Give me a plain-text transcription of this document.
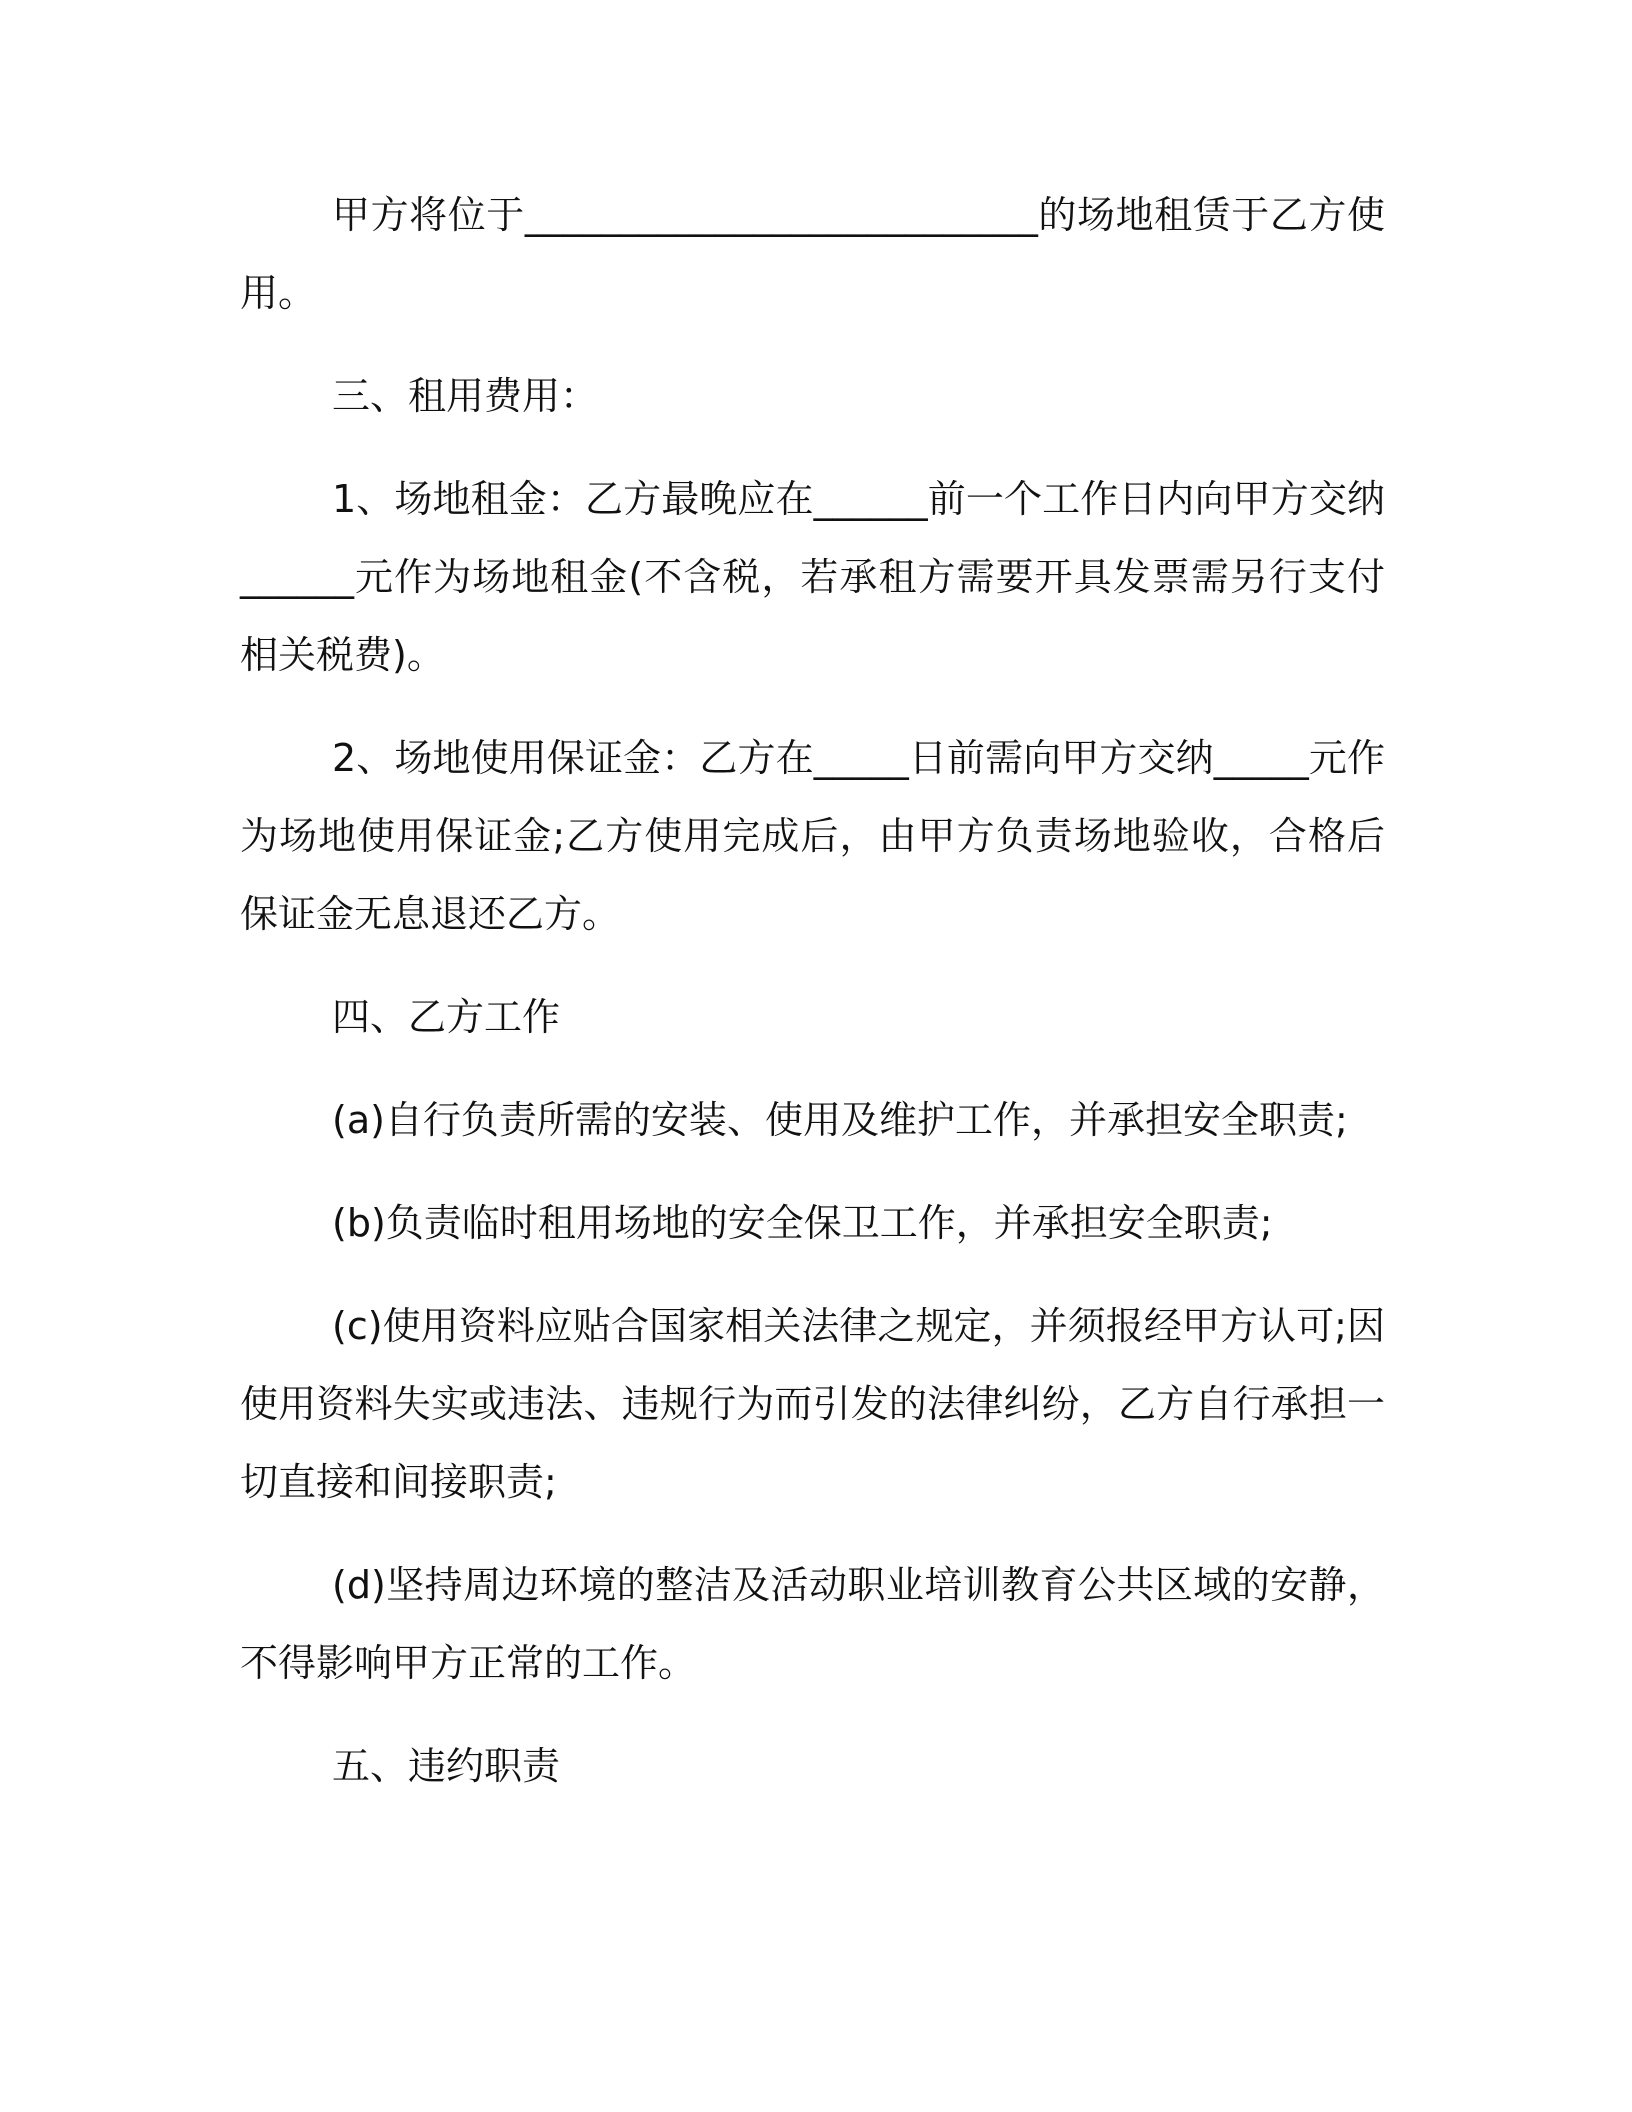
甲方将位于___________________________的场地租赁于乙方使用。

三、租用费用：

1、场地租金：乙方最晚应在______前一个工作日内向甲方交纳______元作为场地租金(不含税，若承租方需要开具发票需另行支付相关税费)。

2、场地使用保证金：乙方在_____日前需向甲方交纳_____元作为场地使用保证金;乙方使用完成后，由甲方负责场地验收，合格后保证金无息退还乙方。

四、乙方工作

(a)自行负责所需的安装、使用及维护工作，并承担安全职责;

(b)负责临时租用场地的安全保卫工作，并承担安全职责;

(c)使用资料应贴合国家相关法律之规定，并须报经甲方认可;因使用资料失实或违法、违规行为而引发的法律纠纷，乙方自行承担一切直接和间接职责;

(d)坚持周边环境的整洁及活动职业培训教育公共区域的安静，不得影响甲方正常的工作。

五、违约职责
